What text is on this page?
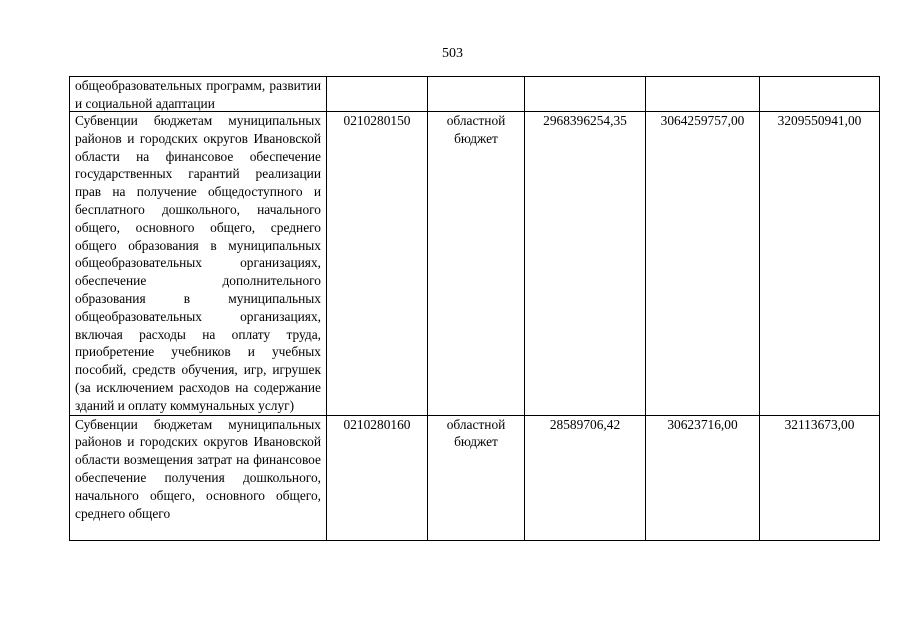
503
общеобразовательных программ, развитии и социальной адаптации					

Субвенции бюджетам муниципальных районов и городских округов Ивановской области на финансовое обеспечение государственных гарантий реализации прав на получение общедоступного и бесплатного дошкольного, начального общего, основного общего, среднего общего образования в муниципальных общеобразовательных организациях, обеспечение дополнительного образования в муниципальных общеобразовательных организациях, включая расходы на оплату труда, приобретение учебников и учебных пособий, средств обучения, игр, игрушек (за исключением расходов на содержание зданий и оплату коммунальных услуг)	0210280150	областной бюджет	2968396254,35	3064259757,00	3209550941,00

Субвенции бюджетам муниципальных районов и городских округов Ивановской области возмещения затрат на финансовое обеспечение получения дошкольного, начального общего, основного общего, среднего общего	0210280160	областной бюджет	28589706,42	30623716,00	32113673,00
